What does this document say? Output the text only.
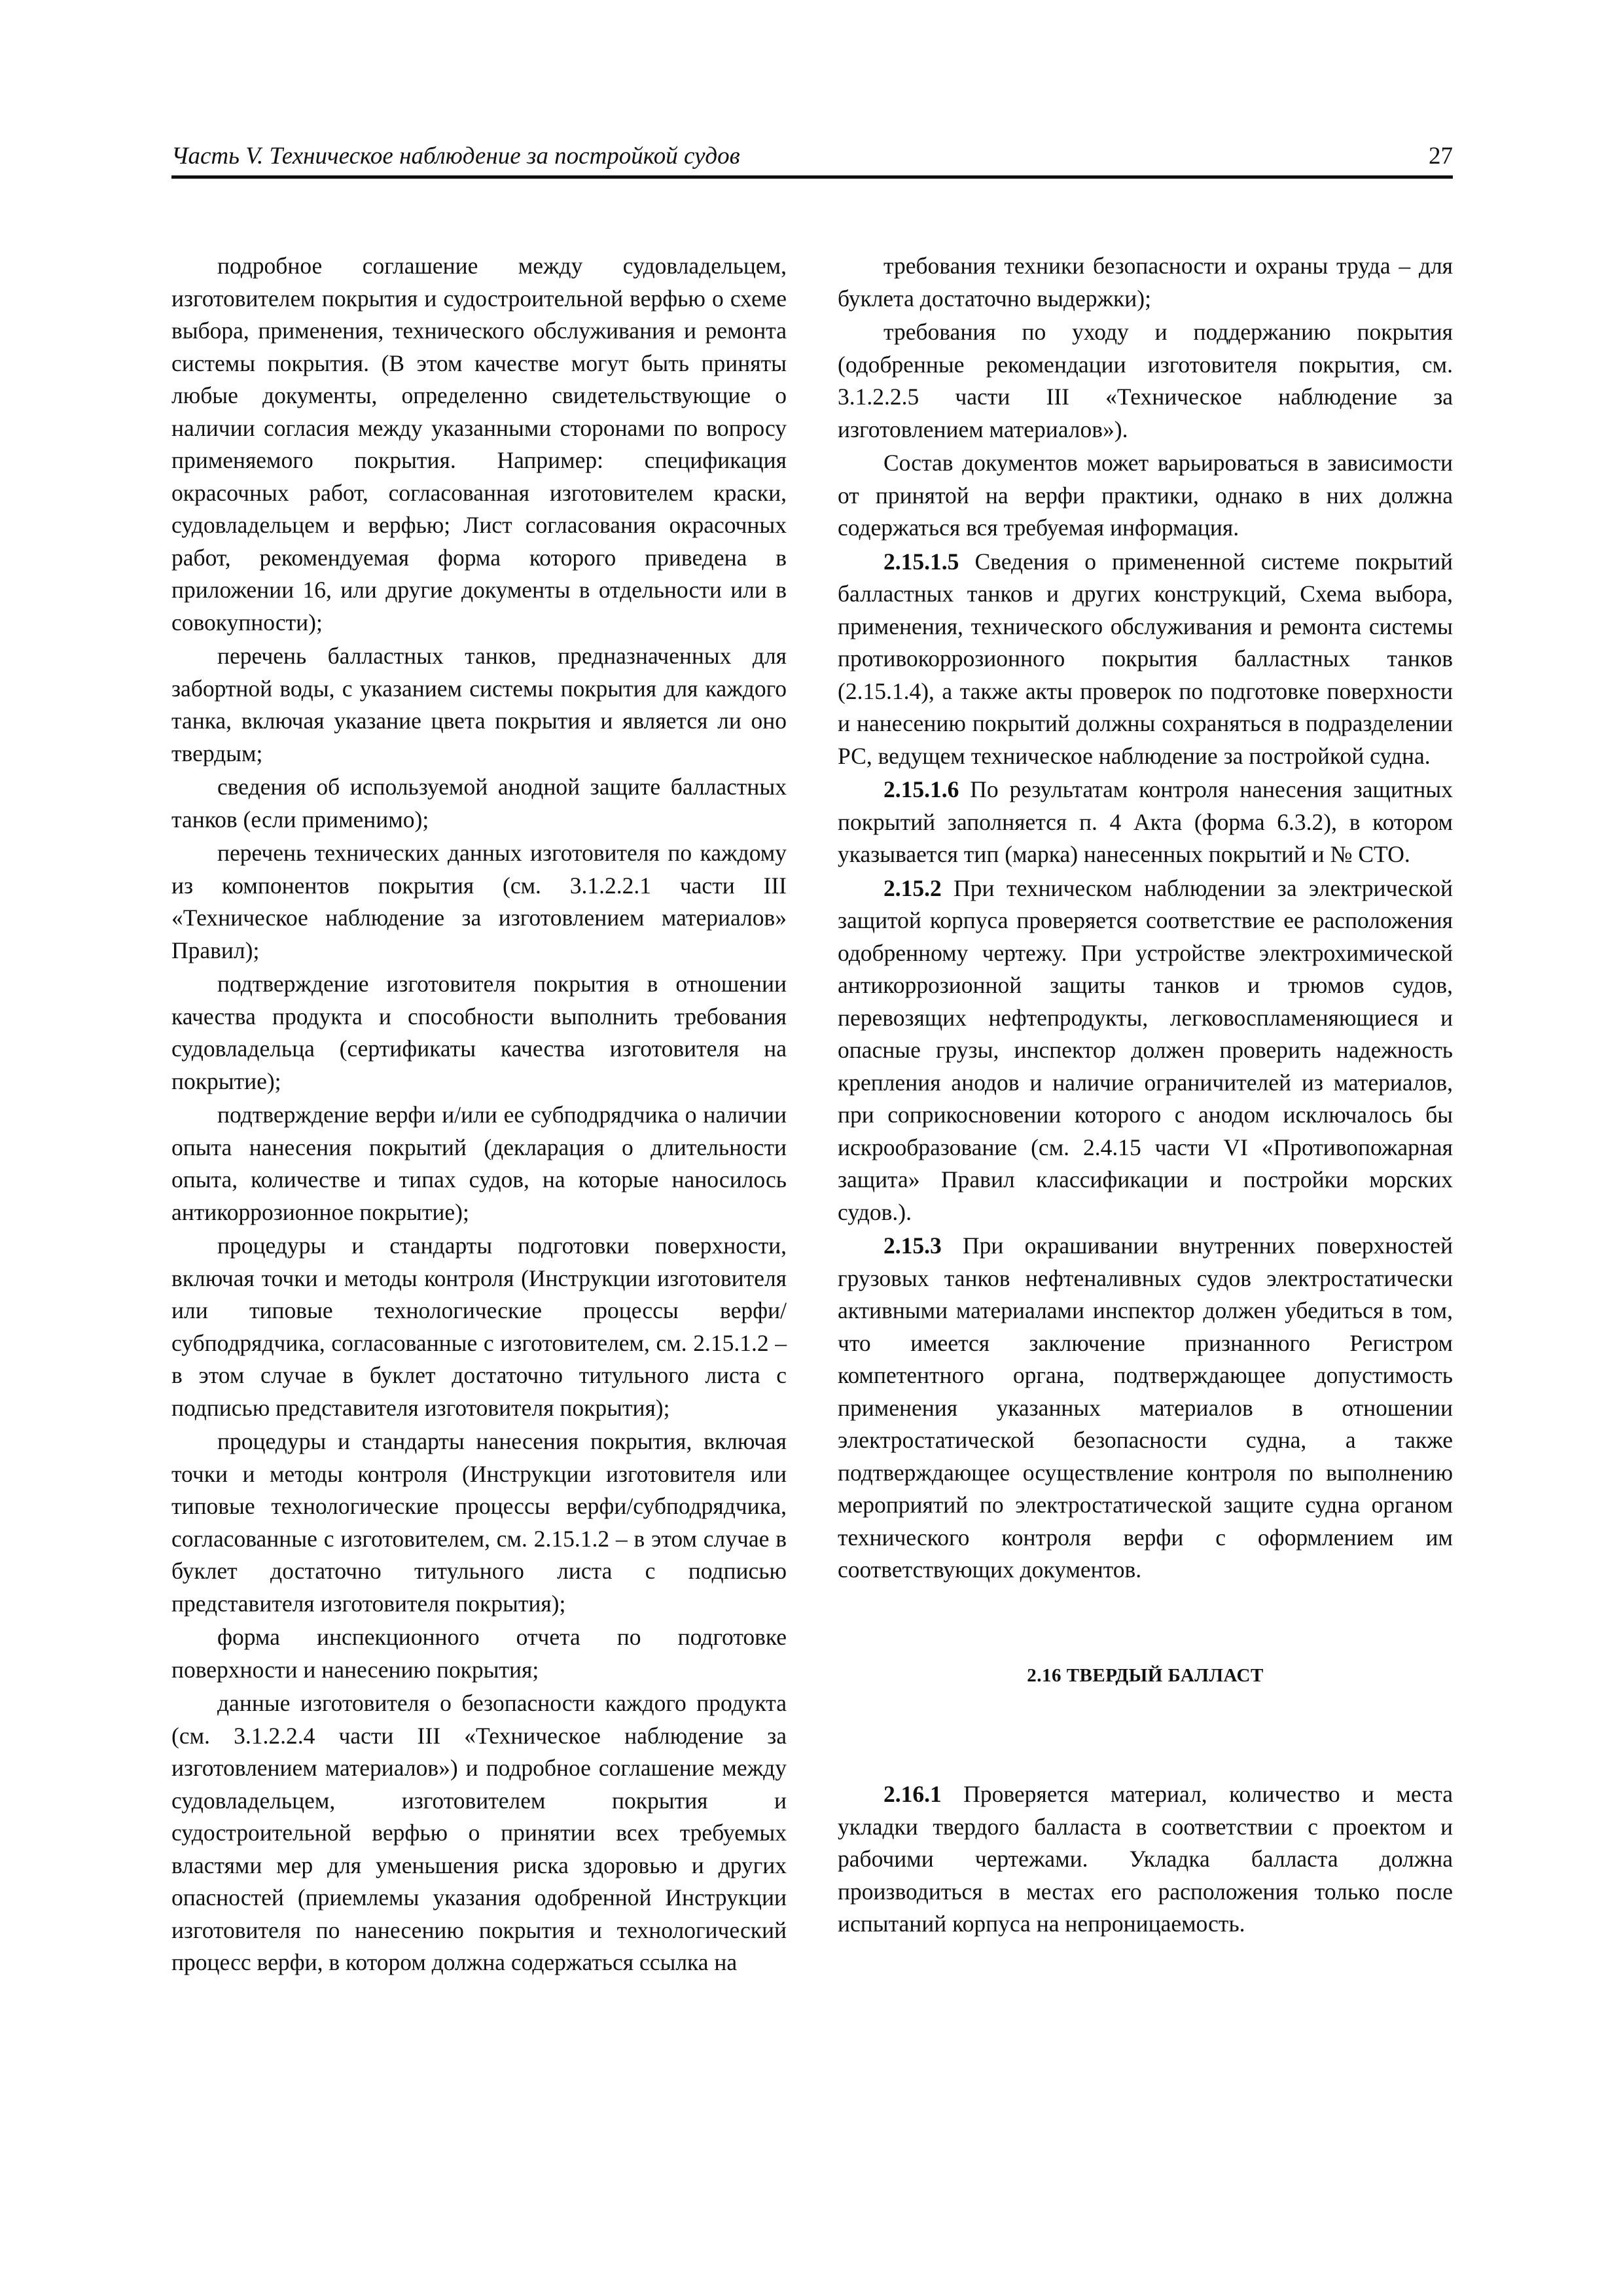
Часть V. Техническое наблюдение за постройкой судов	27

подробное соглашение между судовладельцем, изготовителем покрытия и судостроительной верфью о схеме выбора, применения, технического обслуживания и ремонта системы покрытия. (В этом качестве могут быть приняты любые документы, определенно свидетельствующие о наличии согласия между указанными сторонами по вопросу применяемого покрытия. Например: спецификация окрасочных работ, согласованная изготовителем краски, судовладельцем и верфью; Лист согласования окрасочных работ, рекомендуемая форма которого приведена в приложении 16, или другие документы в отдельности или в совокупности);

перечень балластных танков, предназначенных для забортной воды, с указанием системы покрытия для каждого танка, включая указание цвета покрытия и является ли оно твердым;

сведения об используемой анодной защите балластных танков (если применимо);

перечень технических данных изготовителя по каждому из компонентов покрытия (см. 3.1.2.2.1 части III «Техническое наблюдение за изготовлением материалов» Правил);

подтверждение изготовителя покрытия в отношении качества продукта и способности выполнить требования судовладельца (сертификаты качества изготовителя на покрытие);

подтверждение верфи и/или ее субподрядчика о наличии опыта нанесения покрытий (декларация о длительности опыта, количестве и типах судов, на которые наносилось антикоррозионное покрытие);

процедуры и стандарты подготовки поверхности, включая точки и методы контроля (Инструкции изготовителя или типовые технологические процессы верфи/субподрядчика, согласованные с изготовителем, см. 2.15.1.2 – в этом случае в буклет достаточно титульного листа с подписью представителя изготовителя покрытия);

процедуры и стандарты нанесения покрытия, включая точки и методы контроля (Инструкции изготовителя или типовые технологические процессы верфи/субподрядчика, согласованные с изготовителем, см. 2.15.1.2 – в этом случае в буклет достаточно титульного листа с подписью представителя изготовителя покрытия);

форма инспекционного отчета по подготовке поверхности и нанесению покрытия;

данные изготовителя о безопасности каждого продукта (см. 3.1.2.2.4 части III «Техническое наблюдение за изготовлением материалов») и подробное соглашение между судовладельцем, изготовителем покрытия и судостроительной верфью о принятии всех требуемых властями мер для уменьшения риска здоровью и других опасностей (приемлемы указания одобренной Инструкции изготовителя по нанесению покрытия и технологический процесс верфи, в котором должна содержаться ссылка на

требования техники безопасности и охраны труда – для буклета достаточно выдержки);

требования по уходу и поддержанию покрытия (одобренные рекомендации изготовителя покрытия, см. 3.1.2.2.5 части III «Техническое наблюдение за изготовлением материалов»).

Состав документов может варьироваться в зависимости от принятой на верфи практики, однако в них должна содержаться вся требуемая информация.

2.15.1.5 Сведения о примененной системе покрытий балластных танков и других конструкций, Схема выбора, применения, технического обслуживания и ремонта системы противокоррозионного покрытия балластных танков (2.15.1.4), а также акты проверок по подготовке поверхности и нанесению покрытий должны сохраняться в подразделении РС, ведущем техническое наблюдение за постройкой судна.

2.15.1.6 По результатам контроля нанесения защитных покрытий заполняется п. 4 Акта (форма 6.3.2), в котором указывается тип (марка) нанесенных покрытий и № СТО.

2.15.2 При техническом наблюдении за электрической защитой корпуса проверяется соответствие ее расположения одобренному чертежу. При устройстве электрохимической антикоррозионной защиты танков и трюмов судов, перевозящих нефтепродукты, легковоспламеняющиеся и опасные грузы, инспектор должен проверить надежность крепления анодов и наличие ограничителей из материалов, при соприкосновении которого с анодом исключалось бы искрообразование (см. 2.4.15 части VI «Противопожарная защита» Правил классификации и постройки морских судов.).

2.15.3 При окрашивании внутренних поверхностей грузовых танков нефтеналивных судов электростатически активными материалами инспектор должен убедиться в том, что имеется заключение признанного Регистром компетентного органа, подтверждающее допустимость применения указанных материалов в отношении электростатической безопасности судна, а также подтверждающее осуществление контроля по выполнению мероприятий по электростатической защите судна органом технического контроля верфи с оформлением им соответствующих документов.

2.16 ТВЕРДЫЙ БАЛЛАСТ

2.16.1 Проверяется материал, количество и места укладки твердого балласта в соответствии с проектом и рабочими чертежами. Укладка балласта должна производиться в местах его расположения только после испытаний корпуса на непроницаемость.
